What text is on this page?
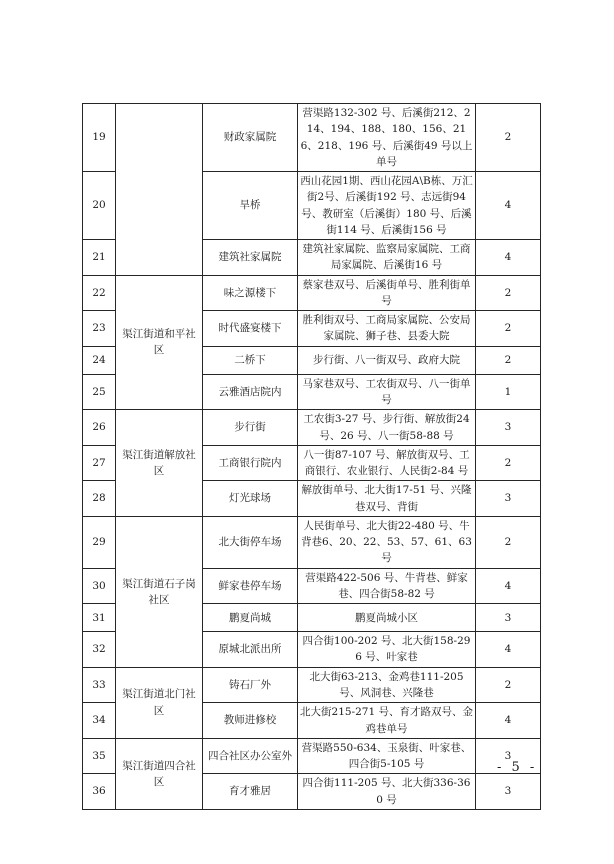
19		财政家属院	营渠路132-302 号、后溪街212、214、194、188、180、156、216、218、196 号、后溪街49 号以上单号	2
20		旱桥	西山花园1期、西山花园A\B栋、万汇街2号、后溪街192 号、志远街94 号、教研室（后溪街）180 号、后溪街114 号、后溪街156 号	4
21		建筑社家属院	建筑社家属院、监察局家属院、工商局家属院、后溪街16 号	4
22	渠江街道和平社区	味之源楼下	蔡家巷双号、后溪街单号、胜利街单号	2
23		时代盛宴楼下	胜利街双号、工商局家属院、公安局家属院、狮子巷、县委大院	2
24		二桥下	步行街、八一街双号、政府大院	2
25		云雅酒店院内	马家巷双号、工农街双号、八一街单号	1
26	渠江街道解放社区	步行街	工农街3-27 号、步行街、解放街24 号、26 号、八一街58-88 号	3
27		工商银行院内	八一街87-107 号、解放街双号、工商银行、农业银行、人民街2-84 号	2
28		灯光球场	解放街单号、北大街17-51 号、兴隆巷双号、背街	3
29	渠江街道石子岗社区	北大街停车场	人民街单号、北大街22-480 号、牛背巷6、20、22、53、57、61、63 号	2
30		鲜家巷停车场	营渠路422-506 号、牛背巷、鲜家巷、四合街58-82 号	4
31		鹏夏尚城	鹏夏尚城小区	3
32		原城北派出所	四合街100-202 号、北大街158-296 号、叶家巷	4
33	渠江街道北门社区	铸石厂外	北大街63-213、金鸡巷111-205 号、风洞巷、兴隆巷	2
34		教师进修校	北大街215-271 号、育才路双号、金鸡巷单号	4
35	渠江街道四合社区	四合社区办公室外	营渠路550-634、玉泉街、叶家巷、四合街5-105 号	3
36		育才雅居	四合街111-205 号、北大街336-360 号	3
- 5 -
